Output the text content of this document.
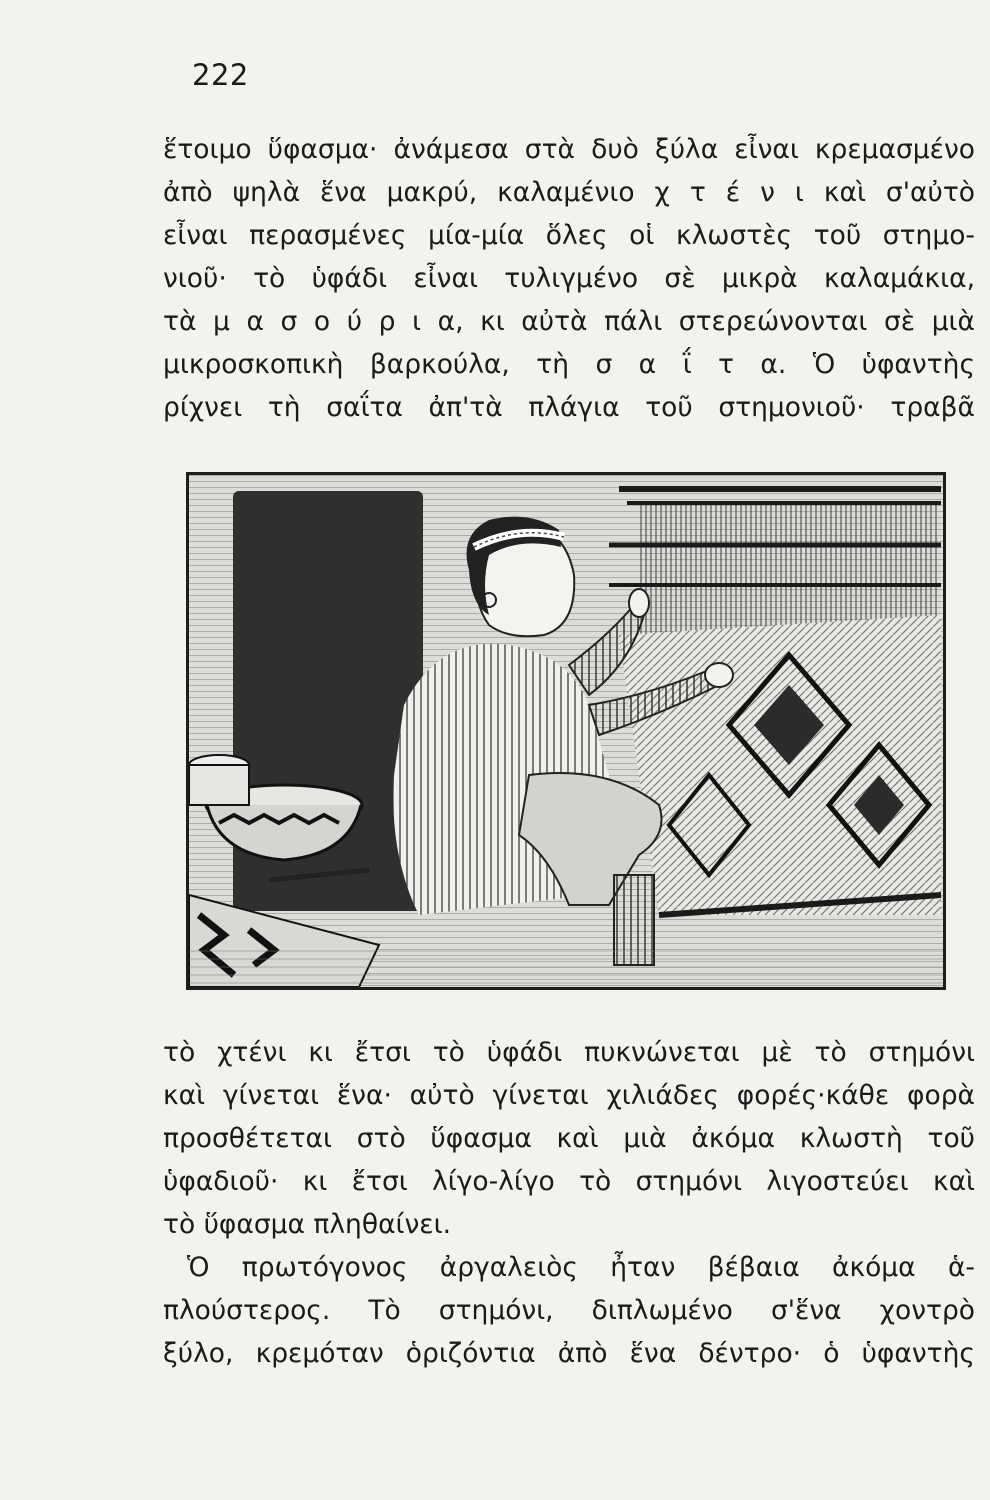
222
ἕτοιμο ὕφασμα· ἀνάμεσα στὰ δυὸ ξύλα εἶναι κρεμασμένο
ἀπὸ ψηλὰ ἕνα μακρύ, καλαμένιο χ τ έ ν ι καὶ σ'αὐτὸ
εἶναι περασμένες μία-μία ὅλες οἱ κλωστὲς τοῦ στημο-
νιοῦ· τὸ ὑφάδι εἶναι τυλιγμένο σὲ μικρὰ καλαμάκια,
τὰ μ α σ ο ύ ρ ι α, κι αὐτὰ πάλι στερεώνονται σὲ μιὰ
μικροσκοπικὴ βαρκούλα, τὴ σ α ΐ τ α. Ὁ ὑφαντὴς
ρίχνει τὴ σαΐτα ἀπ'τὰ πλάγια τοῦ στημονιοῦ· τραβᾶ
τὸ χτένι κι ἔτσι τὸ ὑφάδι πυκνώνεται μὲ τὸ στημόνι
καὶ γίνεται ἕνα· αὐτὸ γίνεται χιλιάδες φορές·κάθε φορὰ
προσθέτεται στὸ ὕφασμα καὶ μιὰ ἀκόμα κλωστὴ τοῦ
ὑφαδιοῦ· κι ἔτσι λίγο-λίγο τὸ στημόνι λιγοστεύει καὶ
τὸ ὕφασμα πληθαίνει.
Ὁ πρωτόγονος ἀργαλειὸς ἦταν βέβαια ἀκόμα ἁ-
πλούστερος. Τὸ στημόνι, διπλωμένο σ'ἕνα χοντρὸ
ξύλο, κρεμόταν ὁριζόντια ἀπὸ ἕνα δέντρο· ὁ ὑφαντὴς
